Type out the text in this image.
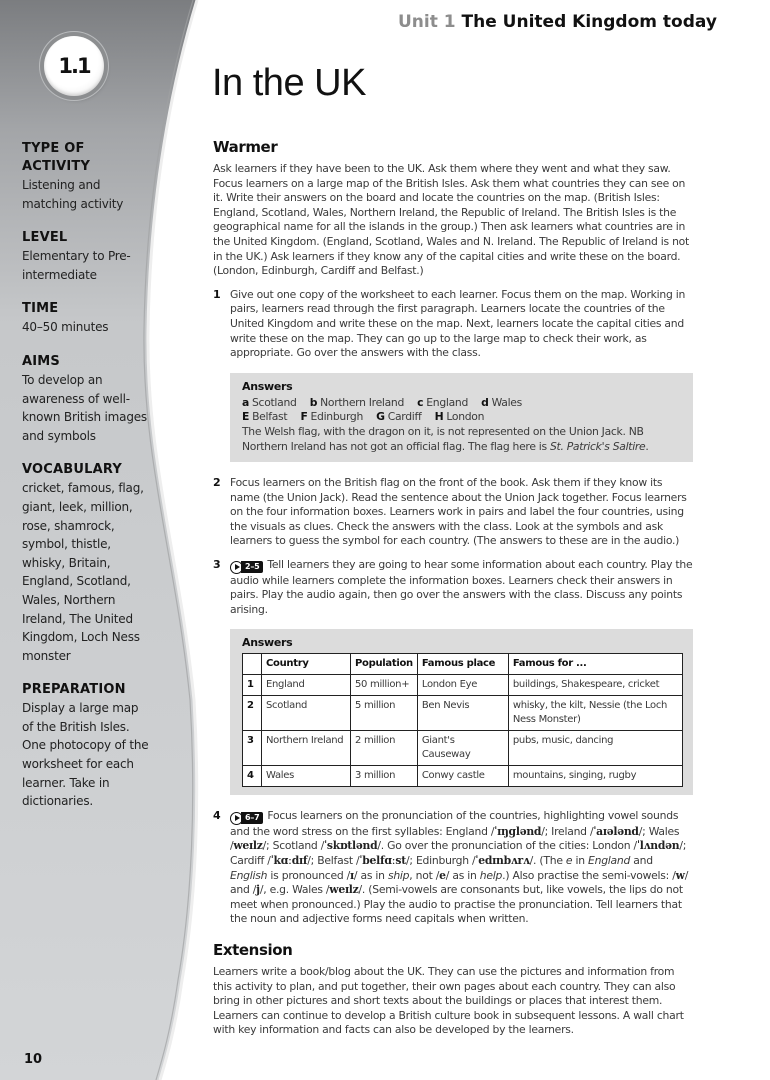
1.1
TYPE OF ACTIVITY
Listening and matching activity
LEVEL
Elementary to Pre-intermediate
TIME
40–50 minutes
AIMS
To develop an awareness of well-known British images and symbols
VOCABULARY
cricket, famous, flag, giant, leek, million, rose, shamrock, symbol, thistle, whisky, Britain, England, Scotland, Wales, Northern Ireland, The United Kingdom, Loch Ness monster
PREPARATION
Display a large map of the British Isles. One photocopy of the worksheet for each learner. Take in dictionaries.
10
Unit 1 The United Kingdom today
In the UK
Warmer

Ask learners if they have been to the UK. Ask them where they went and what they saw. Focus learners on a large map of the British Isles. Ask them what countries they can see on it. Write their answers on the board and locate the countries on the map. (British Isles: England, Scotland, Wales, Northern Ireland, the Republic of Ireland. The British Isles is the geographical name for all the islands in the group.) Then ask learners what countries are in the United Kingdom. (England, Scotland, Wales and N. Ireland. The Republic of Ireland is not in the UK.) Ask learners if they know any of the capital cities and write these on the board. (London, Edinburgh, Cardiff and Belfast.)

1 Give out one copy of the worksheet to each learner. Focus them on the map. Working in pairs, learners read through the first paragraph. Learners locate the countries of the United Kingdom and write these on the map. Next, learners locate the capital cities and write these on the map. They can go up to the large map to check their work, as appropriate. Go over the answers with the class.

Answers
a Scotland b Northern Ireland c England d Wales
E Belfast F Edinburgh G Cardiff H London
The Welsh flag, with the dragon on it, is not represented on the Union Jack. NB Northern Ireland has not got an official flag. The flag here is St. Patrick's Saltire.
2 Focus learners on the British flag on the front of the book. Ask them if they know its name (the Union Jack). Read the sentence about the Union Jack together. Focus learners on the four information boxes. Learners work in pairs and label the four countries, using the visuals as clues. Check the answers with the class. Look at the symbols and ask learners to guess the symbol for each country. (The answers to these are in the audio.)

3	2–5 Tell learners they are going to hear some information about each country. Play the audio while learners complete the information boxes. Learners check their answers in pairs. Play the audio again, then go over the answers with the class. Discuss any points arising.

Answers
	Country	Population	Famous place	Famous for ...
1	England	50 million+	London Eye	buildings, Shakespeare, cricket
2	Scotland	5 million	Ben Nevis	whisky, the kilt, Nessie (the Loch Ness Monster)
3	Northern Ireland	2 million	Giant's Causeway	pubs, music, dancing
4	Wales	3 million	Conwy castle	mountains, singing, rugby
4	6–7 Focus learners on the pronunciation of the countries, highlighting vowel sounds and the word stress on the first syllables: England /ˈɪŋglənd/; Ireland /ˈaɪələnd/; Wales /weɪlz/; Scotland /ˈskɒtlənd/. Go over the pronunciation of the cities: London /ˈlʌndən/; Cardiff /ˈkɑːdɪf/; Belfast /ˈbelfɑːst/; Edinburgh /ˈedɪnbʌrʌ/. (The e in England and English is pronounced /ɪ/ as in ship, not /e/ as in help.) Also practise the semi-vowels: /w/ and /j/, e.g. Wales /weɪlz/. (Semi-vowels are consonants but, like vowels, the lips do not meet when pronounced.) Play the audio to practise the pronunciation. Tell learners that the noun and adjective forms need capitals when written.

Extension

Learners write a book/blog about the UK. They can use the pictures and information from this activity to plan, and put together, their own pages about each country. They can also bring in other pictures and short texts about the buildings or places that interest them. Learners can continue to develop a British culture book in subsequent lessons. A wall chart with key information and facts can also be developed by the learners.
